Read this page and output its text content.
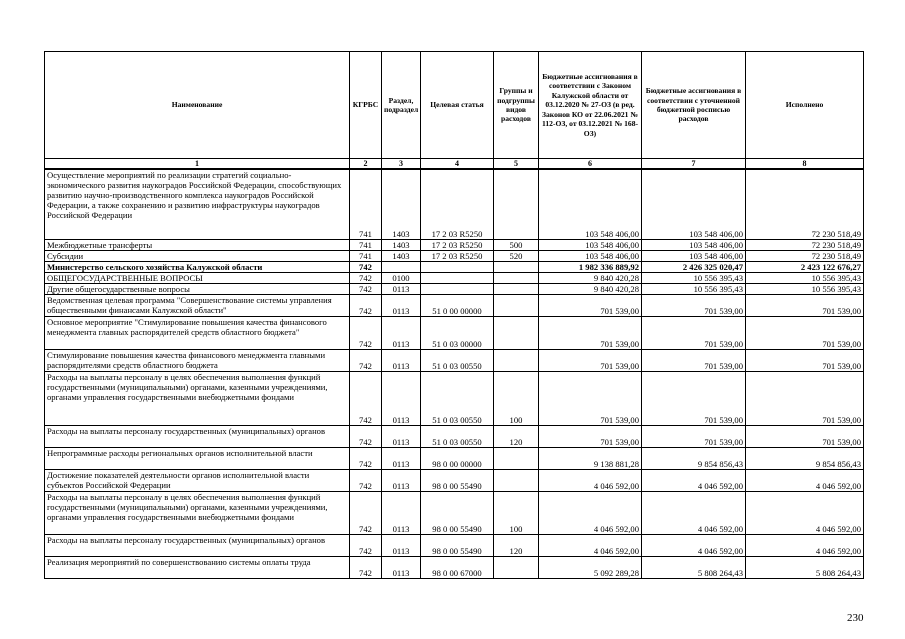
Наименование	КГРБС	Раздел, подраздел	Целевая статья	Группы и подгруппы видов расходов	Бюджетные ассигнования в соответствии с Законом Калужской области от 03.12.2020 № 27-ОЗ (в ред. Законов КО от 22.06.2021 № 112-ОЗ, от 03.12.2021 № 168-ОЗ)	Бюджетные ассигнования в соответствии с уточненной бюджетной росписью расходов	Исполнено
1	2	3	4	5	6	7	8
Осуществление мероприятий по реализации стратегий социально-экономического развития наукоградов Российской Федерации, способствующих развитию научно-производственного комплекса наукоградов Российской Федерации, а также сохранению и развитию инфраструктуры наукоградов Российской Федерации	741	1403	17 2 03 R5250		103 548 406,00	103 548 406,00	72 230 518,49
Межбюджетные трансферты	741	1403	17 2 03 R5250	500	103 548 406,00	103 548 406,00	72 230 518,49
Субсидии	741	1403	17 2 03 R5250	520	103 548 406,00	103 548 406,00	72 230 518,49
Министерство сельского хозяйства Калужской области	742				1 982 336 889,92	2 426 325 020,47	2 423 122 676,27
ОБЩЕГОСУДАРСТВЕННЫЕ ВОПРОСЫ	742	0100			9 840 420,28	10 556 395,43	10 556 395,43
Другие общегосударственные вопросы	742	0113			9 840 420,28	10 556 395,43	10 556 395,43
Ведомственная целевая программа "Совершенствование системы управления общественными финансами Калужской области"	742	0113	51 0 00 00000		701 539,00	701 539,00	701 539,00
Основное мероприятие "Стимулирование повышения качества финансового менеджмента главных распорядителей средств областного бюджета"	742	0113	51 0 03 00000		701 539,00	701 539,00	701 539,00
Стимулирование повышения качества финансового менеджмента главными распорядителями средств областного бюджета	742	0113	51 0 03 00550		701 539,00	701 539,00	701 539,00
Расходы на выплаты персоналу в целях обеспечения выполнения функций государственными (муниципальными) органами, казенными учреждениями, органами управления государственными внебюджетными фондами	742	0113	51 0 03 00550	100	701 539,00	701 539,00	701 539,00
Расходы на выплаты персоналу государственных (муниципальных) органов	742	0113	51 0 03 00550	120	701 539,00	701 539,00	701 539,00
Непрограммные расходы региональных органов исполнительной власти	742	0113	98 0 00 00000		9 138 881,28	9 854 856,43	9 854 856,43
Достижение показателей деятельности органов исполнительной власти субъектов Российской Федерации	742	0113	98 0 00 55490		4 046 592,00	4 046 592,00	4 046 592,00
Расходы на выплаты персоналу в целях обеспечения выполнения функций государственными (муниципальными) органами, казенными учреждениями, органами управления государственными внебюджетными фондами	742	0113	98 0 00 55490	100	4 046 592,00	4 046 592,00	4 046 592,00
Расходы на выплаты персоналу государственных (муниципальных) органов	742	0113	98 0 00 55490	120	4 046 592,00	4 046 592,00	4 046 592,00
Реализация мероприятий по совершенствованию системы оплаты труда	742	0113	98 0 00 67000		5 092 289,28	5 808 264,43	5 808 264,43
230
